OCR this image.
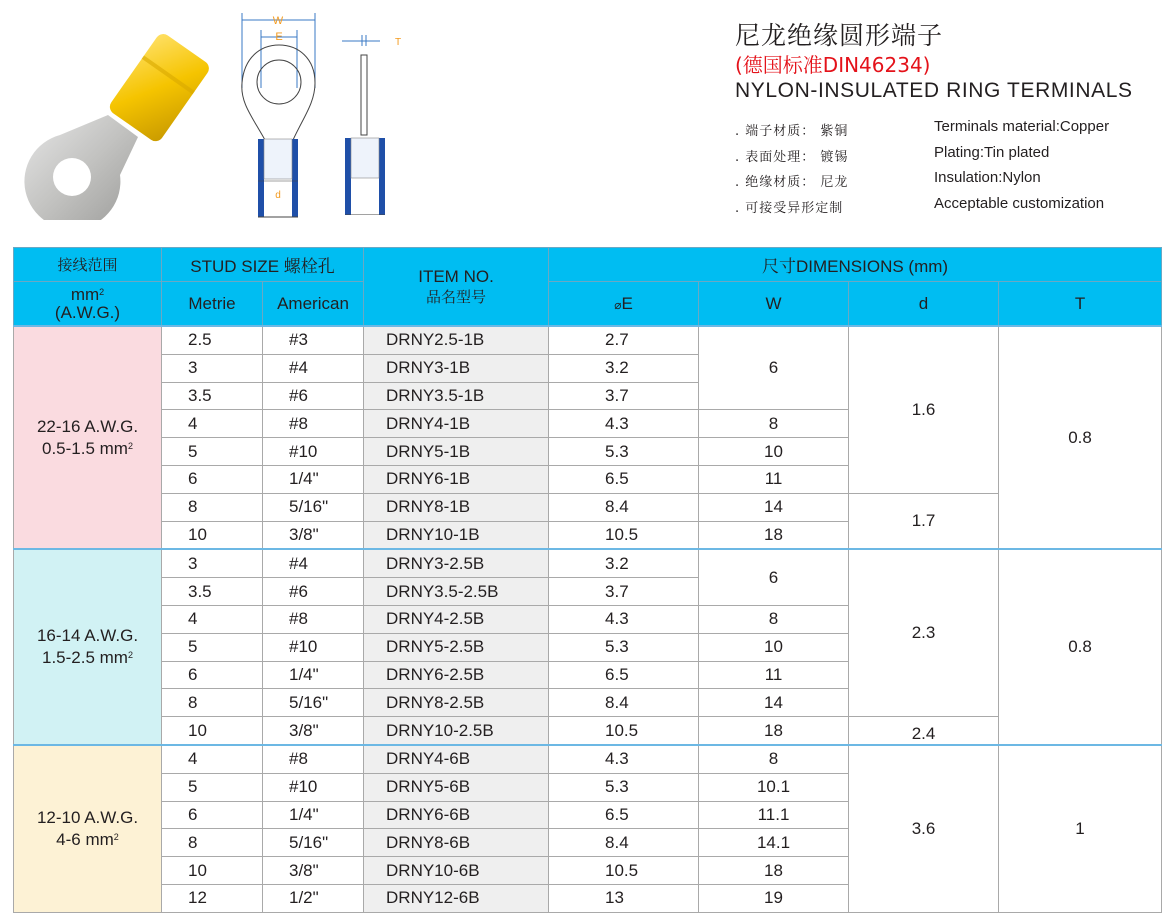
W
E
d
T	尼龙绝缘圆形端子
(德国标准DIN46234)
NYLON-INSULATED RING TERMINALS
. 端子材质： 紫铜	Terminals material:Copper
. 表面处理： 镀锡	Plating:Tin plated
. 绝缘材质： 尼龙	Insulation:Nylon
. 可接受异形定制	Acceptable customization
接线范围	STUD SIZE 螺栓孔		ITEM NO.
品名型号	尺寸DIMENSIONS (mm)			

$mm^2$
(A.W.G.)	Metrie	American		⌀E	W	d	T

22-16 A.W.G.
0.5-1.5 $mm^2$	2.5	#3	DRNY2.5-1B	2.7	6	1.6	0.8
	3	#4	DRNY3-1B	3.2			
	3.5	#6	DRNY3.5-1B	3.7			
	4	#8	DRNY4-1B	4.3	8		
	5	#10	DRNY5-1B	5.3	10		
	6	1/4"	DRNY6-1B	6.5	11		
	8	5/16"	DRNY8-1B	8.4	14	1.7	
	10	3/8"	DRNY10-1B	10.5	18		

16-14 A.W.G.
1.5-2.5 $mm^2$	3	#4	DRNY3-2.5B	3.2	6	2.3	0.8
	3.5	#6	DRNY3.5-2.5B	3.7			
	4	#8	DRNY4-2.5B	4.3	8		
	5	#10	DRNY5-2.5B	5.3	10		
	6	1/4"	DRNY6-2.5B	6.5	11		
	8	5/16"	DRNY8-2.5B	8.4	14		
	10	3/8"	DRNY10-2.5B	10.5	18	2.4	

12-10 A.W.G.
4-6 $mm^2$	4	#8	DRNY4-6B	4.3	8	3.6	1
	5	#10	DRNY5-6B	5.3	10.1		
	6	1/4"	DRNY6-6B	6.5	11.1		
	8	5/16"	DRNY8-6B	8.4	14.1		
	10	3/8"	DRNY10-6B	10.5	18		
	12	1/2"	DRNY12-6B	13	19		
